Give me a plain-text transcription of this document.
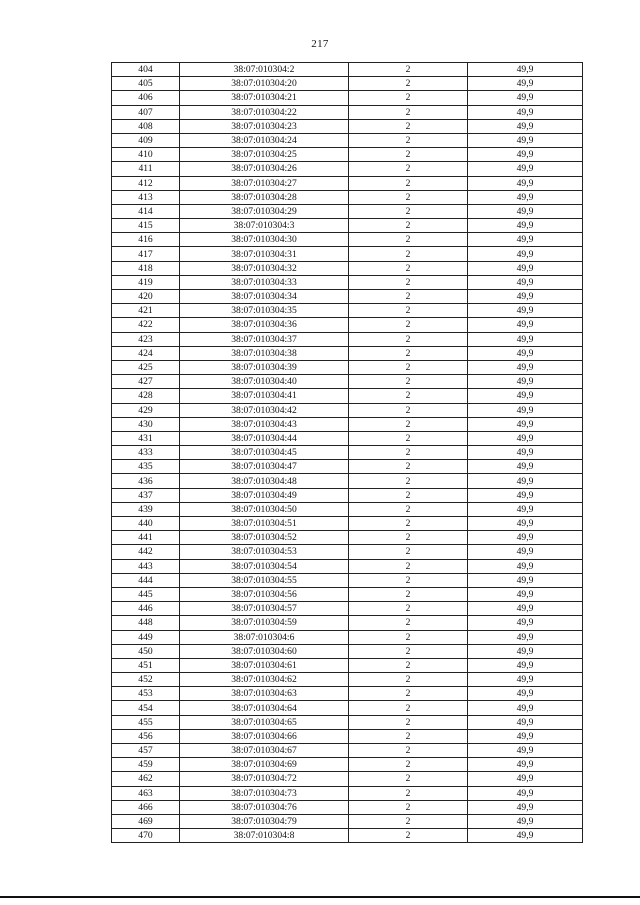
217
404	38:07:010304:2	2	49,9
405	38:07:010304:20	2	49,9
406	38:07:010304:21	2	49,9
407	38:07:010304:22	2	49,9
408	38:07:010304:23	2	49,9
409	38:07:010304:24	2	49,9
410	38:07:010304:25	2	49,9
411	38:07:010304:26	2	49,9
412	38:07:010304:27	2	49,9
413	38:07:010304:28	2	49,9
414	38:07:010304:29	2	49,9
415	38:07:010304:3	2	49,9
416	38:07:010304:30	2	49,9
417	38:07:010304:31	2	49,9
418	38:07:010304:32	2	49,9
419	38:07:010304:33	2	49,9
420	38:07:010304:34	2	49,9
421	38:07:010304:35	2	49,9
422	38:07:010304:36	2	49,9
423	38:07:010304:37	2	49,9
424	38:07:010304:38	2	49,9
425	38:07:010304:39	2	49,9
427	38:07:010304:40	2	49,9
428	38:07:010304:41	2	49,9
429	38:07:010304:42	2	49,9
430	38:07:010304:43	2	49,9
431	38:07:010304:44	2	49,9
433	38:07:010304:45	2	49,9
435	38:07:010304:47	2	49,9
436	38:07:010304:48	2	49,9
437	38:07:010304:49	2	49,9
439	38:07:010304:50	2	49,9
440	38:07:010304:51	2	49,9
441	38:07:010304:52	2	49,9
442	38:07:010304:53	2	49,9
443	38:07:010304:54	2	49,9
444	38:07:010304:55	2	49,9
445	38:07:010304:56	2	49,9
446	38:07:010304:57	2	49,9
448	38:07:010304:59	2	49,9
449	38:07:010304:6	2	49,9
450	38:07:010304:60	2	49,9
451	38:07:010304:61	2	49,9
452	38:07:010304:62	2	49,9
453	38:07:010304:63	2	49,9
454	38:07:010304:64	2	49,9
455	38:07:010304:65	2	49,9
456	38:07:010304:66	2	49,9
457	38:07:010304:67	2	49,9
459	38:07:010304:69	2	49,9
462	38:07:010304:72	2	49,9
463	38:07:010304:73	2	49,9
466	38:07:010304:76	2	49,9
469	38:07:010304:79	2	49,9
470	38:07:010304:8	2	49,9
